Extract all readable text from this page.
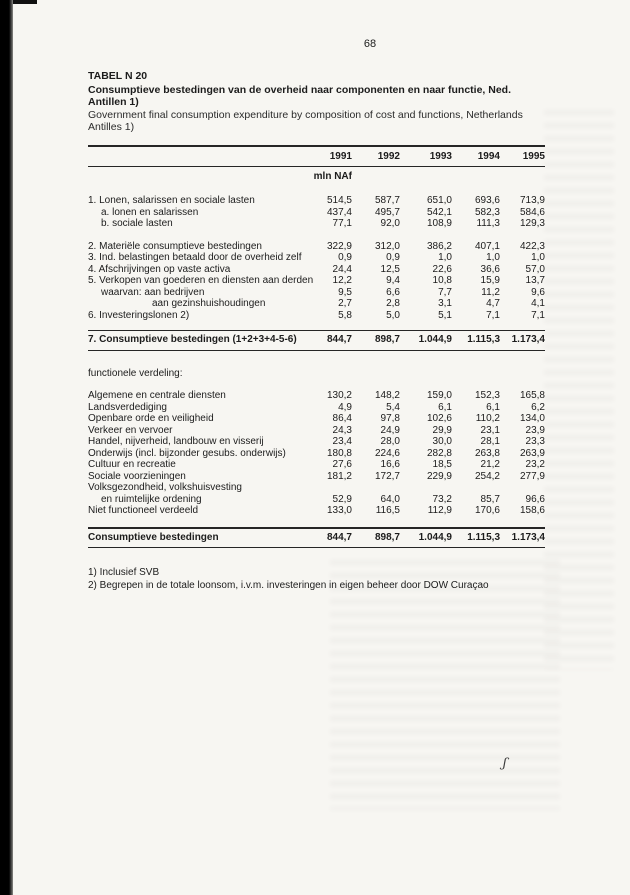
68
TABEL N 20
Consumptieve bestedingen van de overheid naar componenten en naar functie, Ned. Antillen 1)
Government final consumption expenditure by composition of cost and functions, Netherlands Antilles 1)
1991	1992	1993	1994	1995
mln NAf
1. Lonen, salarissen en sociale lasten	514,5	587,7	651,0	693,6	713,9
a. lonen en salarissen	437,4	495,7	542,1	582,3	584,6
b. sociale lasten	77,1	92,0	108,9	111,3	129,3
2. Materiële consumptieve bestedingen	322,9	312,0	386,2	407,1	422,3
3. Ind. belastingen betaald door de overheid zelf	0,9	0,9	1,0	1,0	1,0
4. Afschrijvingen op vaste activa	24,4	12,5	22,6	36,6	57,0
5. Verkopen van goederen en diensten aan derden	12,2	9,4	10,8	15,9	13,7
waarvan: aan bedrijven	9,5	6,6	7,7	11,2	9,6
aan gezinshuishoudingen	2,7	2,8	3,1	4,7	4,1
6. Investeringslonen 2)	5,8	5,0	5,1	7,1	7,1
7. Consumptieve bestedingen (1+2+3+4-5-6)	844,7	898,7	1.044,9	1.115,3	1.173,4
functionele verdeling:
Algemene en centrale diensten	130,2	148,2	159,0	152,3	165,8
Landsverdediging	4,9	5,4	6,1	6,1	6,2
Openbare orde en veiligheid	86,4	97,8	102,6	110,2	134,0
Verkeer en vervoer	24,3	24,9	29,9	23,1	23,9
Handel, nijverheid, landbouw en visserij	23,4	28,0	30,0	28,1	23,3
Onderwijs (incl. bijzonder gesubs. onderwijs)	180,8	224,6	282,8	263,8	263,9
Cultuur en recreatie	27,6	16,6	18,5	21,2	23,2
Sociale voorzieningen	181,2	172,7	229,9	254,2	277,9
Volksgezondheid, volkshuisvesting
en ruimtelijke ordening	52,9	64,0	73,2	85,7	96,6
Niet functioneel verdeeld	133,0	116,5	112,9	170,6	158,6
Consumptieve bestedingen	844,7	898,7	1.044,9	1.115,3	1.173,4
1) Inclusief SVB
2) Begrepen in de totale loonsom, i.v.m. investeringen in eigen beheer door DOW Curaçao
ʃ
